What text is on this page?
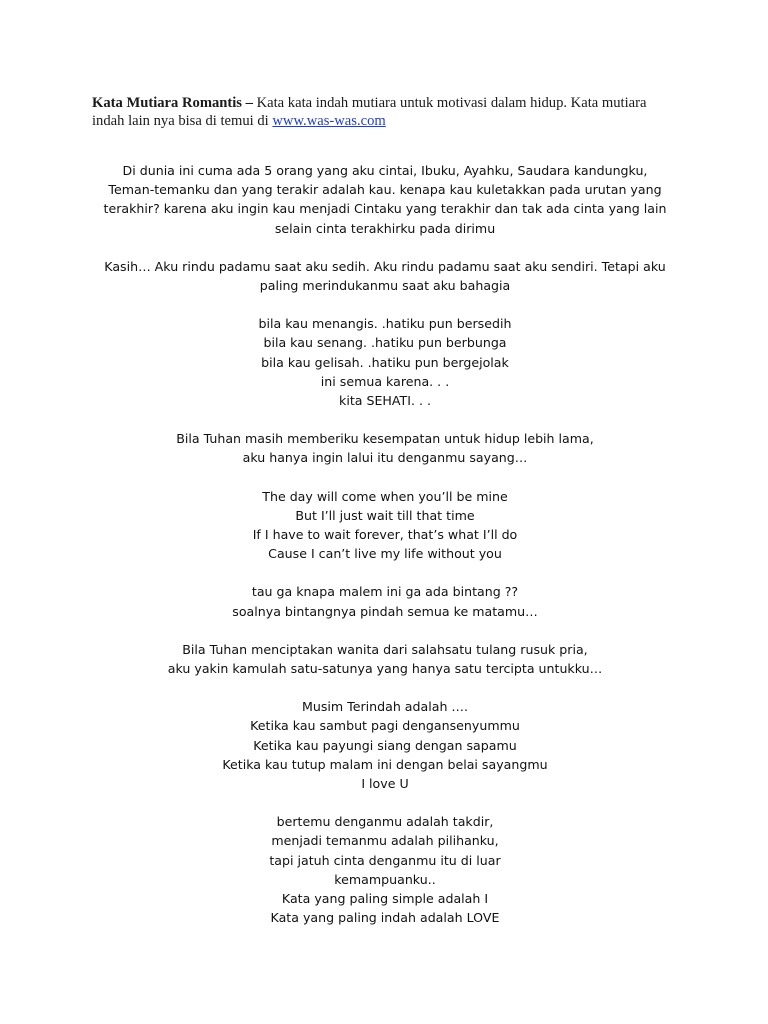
Kata Mutiara Romantis – Kata kata indah mutiara untuk motivasi dalam hidup. Kata mutiara indah lain nya bisa di temui di www.was-was.com

Di dunia ini cuma ada 5 orang yang aku cintai, Ibuku, Ayahku, Saudara kandungku,
Teman-temanku dan yang terakir adalah kau. kenapa kau kuletakkan pada urutan yang
terakhir? karena aku ingin kau menjadi Cintaku yang terakhir dan tak ada cinta yang lain
selain cinta terakhirku pada dirimu

Kasih… Aku rindu padamu saat aku sedih. Aku rindu padamu saat aku sendiri. Tetapi aku
paling merindukanmu saat aku bahagia

bila kau menangis. .hatiku pun bersedih
bila kau senang. .hatiku pun berbunga
bila kau gelisah. .hatiku pun bergejolak
ini semua karena. . .
kita SEHATI. . .

Bila Tuhan masih memberiku kesempatan untuk hidup lebih lama,
aku hanya ingin lalui itu denganmu sayang…

The day will come when you’ll be mine
But I’ll just wait till that time
If I have to wait forever, that’s what I’ll do
Cause I can’t live my life without you

tau ga knapa malem ini ga ada bintang ??
soalnya bintangnya pindah semua ke matamu…

Bila Tuhan menciptakan wanita dari salahsatu tulang rusuk pria,
aku yakin kamulah satu-satunya yang hanya satu tercipta untukku…

Musim Terindah adalah ….
Ketika kau sambut pagi dengansenyummu
Ketika kau payungi siang dengan sapamu
Ketika kau tutup malam ini dengan belai sayangmu
I love U

bertemu denganmu adalah takdir,
menjadi temanmu adalah pilihanku,
tapi jatuh cinta denganmu itu di luar
kemampuanku..
Kata yang paling simple adalah I
Kata yang paling indah adalah LOVE
